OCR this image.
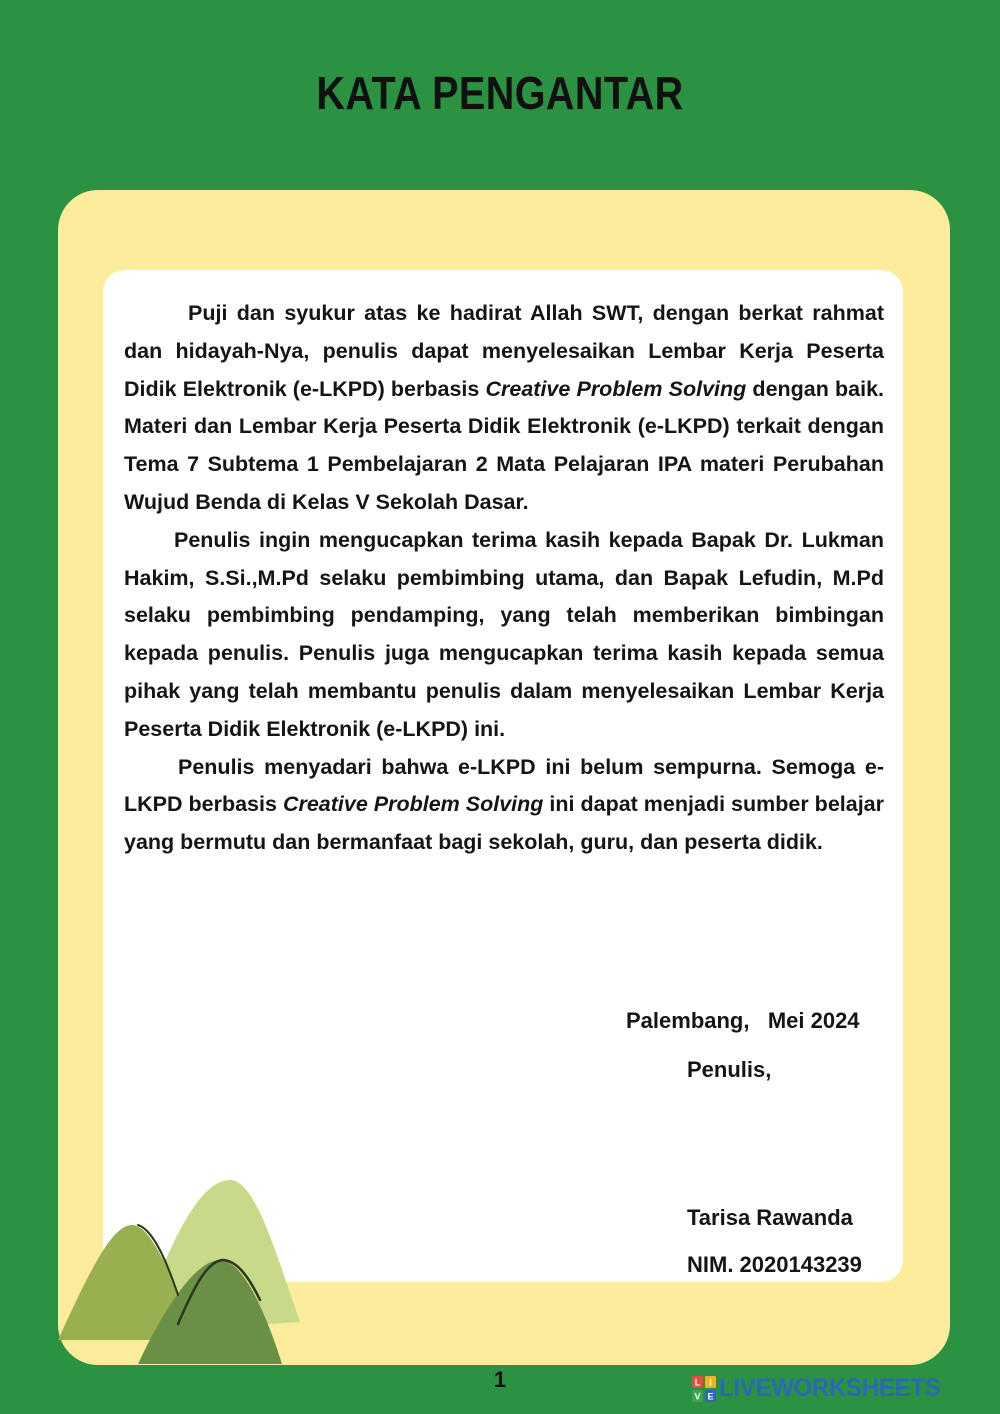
KATA PENGANTAR

Puji dan syukur atas ke hadirat Allah SWT, dengan berkat rahmat dan hidayah-Nya, penulis dapat menyelesaikan Lembar Kerja Peserta Didik Elektronik (e-LKPD) berbasis Creative Problem Solving dengan baik. Materi dan Lembar Kerja Peserta Didik Elektronik (e-LKPD) terkait dengan Tema 7 Subtema 1 Pembelajaran 2 Mata Pelajaran IPA materi Perubahan Wujud Benda di Kelas V Sekolah Dasar.

Penulis ingin mengucapkan terima kasih kepada Bapak Dr. Lukman Hakim, S.Si.,M.Pd selaku pembimbing utama, dan Bapak Lefudin, M.Pd selaku pembimbing pendamping, yang telah memberikan bimbingan kepada penulis. Penulis juga mengucapkan terima kasih kepada semua pihak yang telah membantu penulis dalam menyelesaikan Lembar Kerja Peserta Didik Elektronik (e-LKPD) ini.

Penulis menyadari bahwa e-LKPD ini belum sempurna. Semoga e-LKPD berbasis Creative Problem Solving ini dapat menjadi sumber belajar yang bermutu dan bermanfaat bagi sekolah, guru, dan peserta didik.

Palembang,   Mei 2024
Penulis,
Tarisa Rawanda
NIM. 2020143239
1	L I
V E LIVEWORKSHEETS
